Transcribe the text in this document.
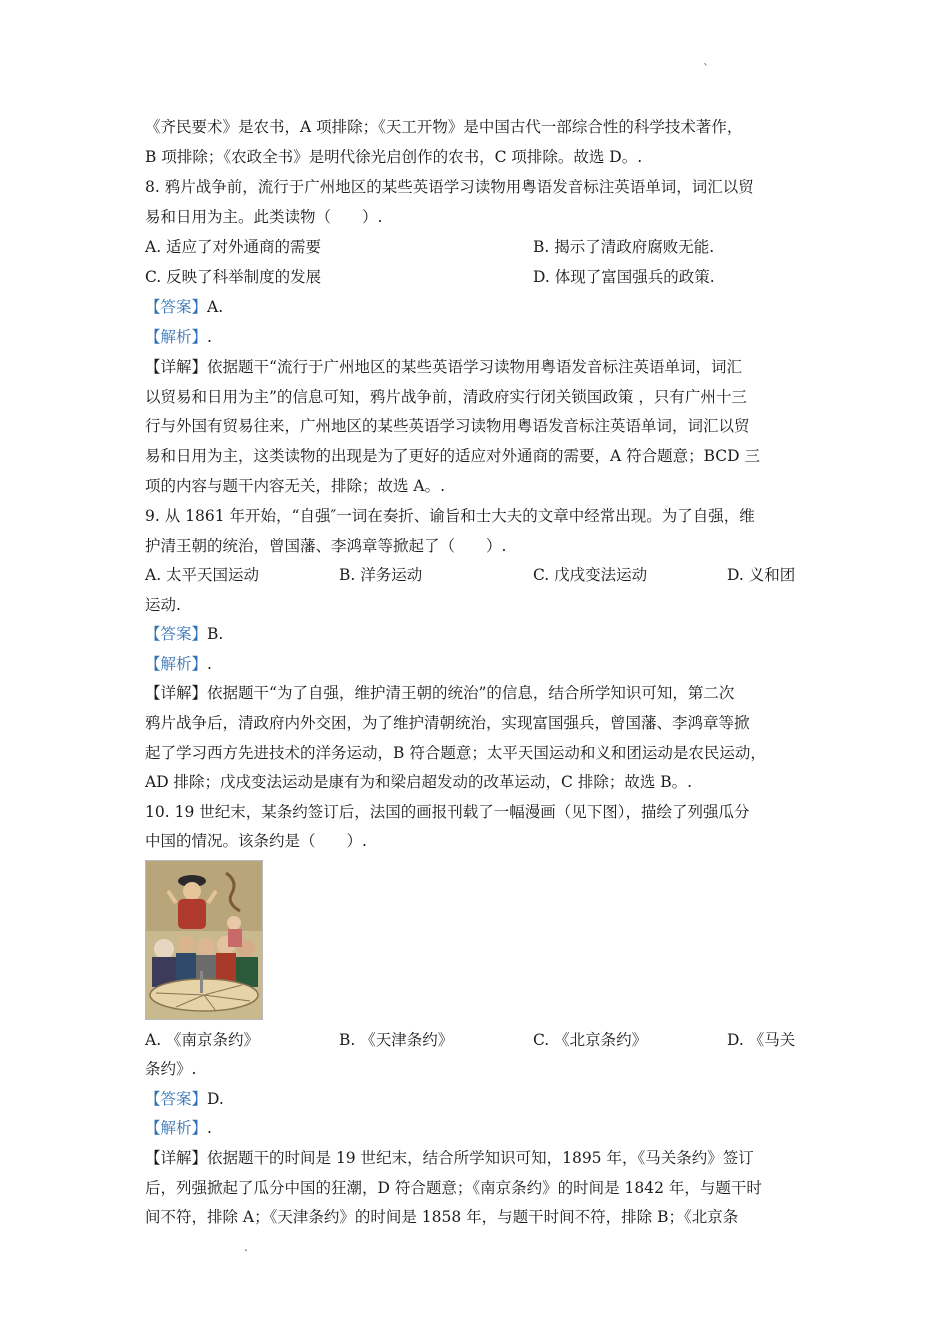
`
《齐民要术》是农书，A 项排除；《天工开物》是中国古代一部综合性的科学技术著作，
B 项排除；《农政全书》是明代徐光启创作的农书，C 项排除。故选 D。.
8. 鸦片战争前，流行于广州地区的某些英语学习读物用粤语发音标注英语单词，词汇以贸
易和日用为主。此类读物（　　）.
A. 适应了对外通商的需要	B. 揭示了清政府腐败无能.
C. 反映了科举制度的发展	D. 体现了富国强兵的政策.
【答案】A.
【解析】.
【详解】依据题干“流行于广州地区的某些英语学习读物用粤语发音标注英语单词，词汇
以贸易和日用为主”的信息可知，鸦片战争前，清政府实行闭关锁国政策 ，只有广州十三
行与外国有贸易往来，广州地区的某些英语学习读物用粤语发音标注英语单词，词汇以贸
易和日用为主，这类读物的出现是为了更好的适应对外通商的需要，A 符合题意；BCD 三
项的内容与题干内容无关，排除；故选 A。.
9. 从 1861 年开始，“自强″一词在奏折、谕旨和士大夫的文章中经常出现。为了自强，维
护清王朝的统治，曾国藩、李鸿章等掀起了（　　）.
A. 太平天国运动	B. 洋务运动	C. 戊戌变法运动	D. 义和团
运动.
【答案】B.
【解析】.
【详解】依据题干“为了自强，维护清王朝的统治”的信息，结合所学知识可知，第二次
鸦片战争后，清政府内外交困，为了维护清朝统治，实现富国强兵，曾国藩、李鸿章等掀
起了学习西方先进技术的洋务运动，B 符合题意；太平天国运动和义和团运动是农民运动，
AD 排除；戊戌变法运动是康有为和梁启超发动的改革运动，C 排除；故选 B。.
10. 19 世纪末，某条约签订后，法国的画报刊载了一幅漫画（见下图），描绘了列强瓜分
中国的情况。该条约是（　　）.
A. 《南京条约》	B. 《天津条约》	C. 《北京条约》	D. 《马关
条约》.
【答案】D.
【解析】.
【详解】依据题干的时间是 19 世纪末，结合所学知识可知，1895 年，《马关条约》签订
后，列强掀起了瓜分中国的狂潮，D 符合题意；《南京条约》的时间是 1842 年，与题干时
间不符，排除 A；《天津条约》的时间是 1858 年，与题干时间不符，排除 B；《北京条
.
